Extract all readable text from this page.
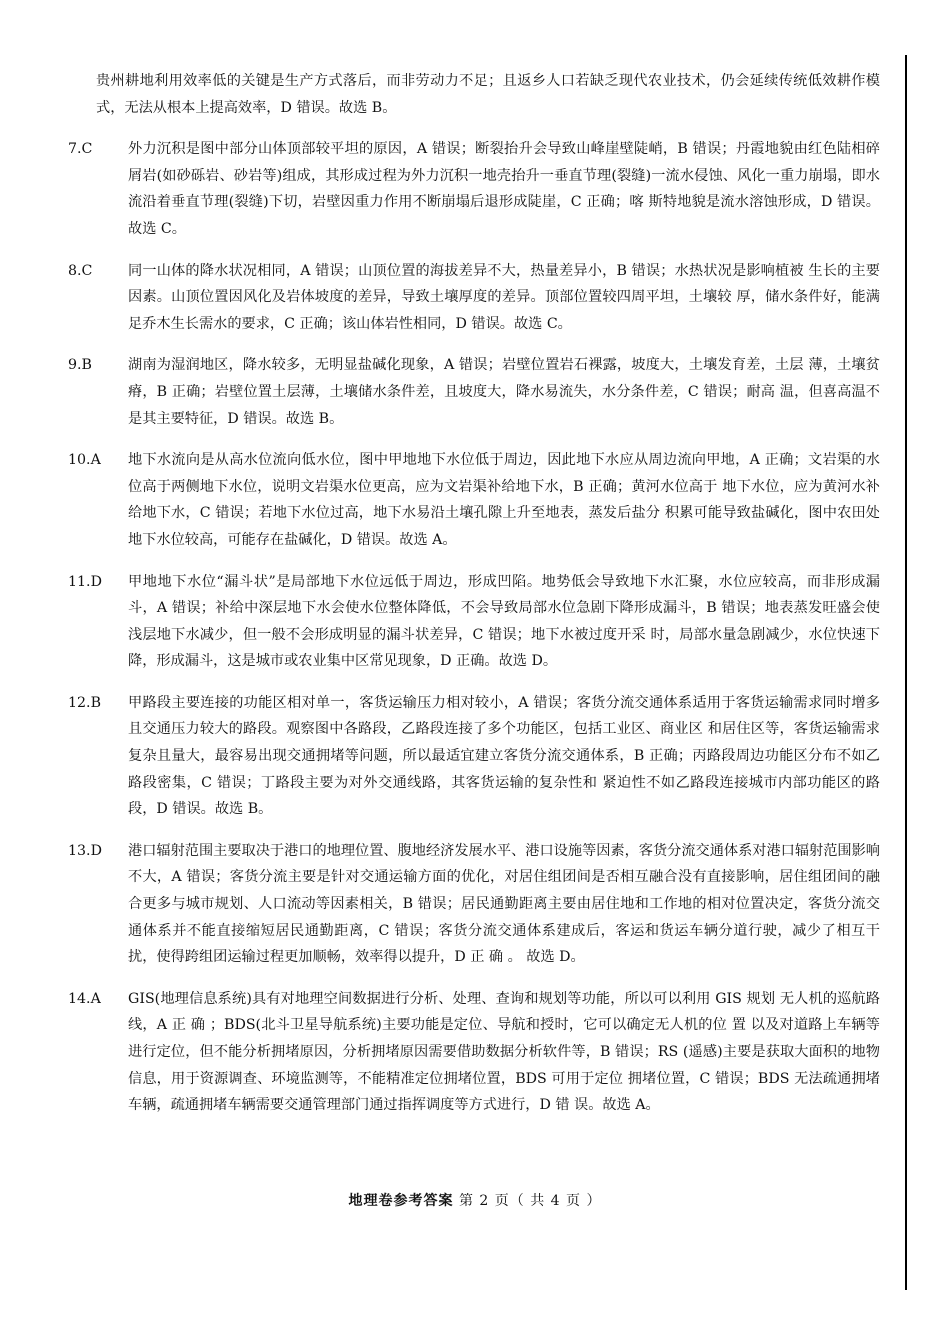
贵州耕地利用效率低的关键是生产方式落后，而非劳动力不足；且返乡人口若缺乏现代农业技术，仍会延续传统低效耕作模式，无法从根本上提高效率，D 错误。故选 B。

7.C	外力沉积是图中部分山体顶部较平坦的原因，A 错误；断裂抬升会导致山峰崖壁陡峭，B 错误；丹霞地貌由红色陆相碎屑岩(如砂砾岩、砂岩等)组成，其形成过程为外力沉积一地壳抬升一垂直节理(裂缝)一流水侵蚀、风化一重力崩塌，即水流沿着垂直节理(裂缝)下切，岩壁因重力作用不断崩塌后退形成陡崖，C 正确；喀 斯特地貌是流水溶蚀形成，D 错误。故选 C。
8.C	同一山体的降水状况相同，A 错误；山顶位置的海拔差异不大，热量差异小，B 错误；水热状况是影响植被 生长的主要因素。山顶位置因风化及岩体坡度的差异，导致土壤厚度的差异。顶部位置较四周平坦，土壤较 厚，储水条件好，能满足乔木生长需水的要求，C 正确；该山体岩性相同，D 错误。故选 C。
9.B	湖南为湿润地区，降水较多，无明显盐碱化现象，A 错误；岩壁位置岩石裸露，坡度大，土壤发育差，土层 薄，土壤贫瘠，B 正确；岩壁位置土层薄，土壤储水条件差，且坡度大，降水易流失，水分条件差，C 错误；耐高 温，但喜高温不是其主要特征，D 错误。故选 B。
10.A	地下水流向是从高水位流向低水位，图中甲地地下水位低于周边，因此地下水应从周边流向甲地，A 正确；文岩渠的水位高于两侧地下水位，说明文岩渠水位更高，应为文岩渠补给地下水，B 正确；黄河水位高于 地下水位，应为黄河水补给地下水，C 错误；若地下水位过高，地下水易沿土壤孔隙上升至地表，蒸发后盐分 积累可能导致盐碱化，图中农田处地下水位较高，可能存在盐碱化，D 错误。故选 A。
11.D	甲地地下水位“漏斗状”是局部地下水位远低于周边，形成凹陷。地势低会导致地下水汇聚，水位应较高，而非形成漏斗，A 错误；补给中深层地下水会使水位整体降低，不会导致局部水位急剧下降形成漏斗，B 错误；地表蒸发旺盛会使浅层地下水减少，但一般不会形成明显的漏斗状差异，C 错误；地下水被过度开采 时，局部水量急剧减少，水位快速下降，形成漏斗，这是城市或农业集中区常见现象，D 正确。故选 D。
12.B	甲路段主要连接的功能区相对单一，客货运输压力相对较小，A 错误；客货分流交通体系适用于客货运输需求同时增多且交通压力较大的路段。观察图中各路段，乙路段连接了多个功能区，包括工业区、商业区 和居住区等，客货运输需求复杂且量大，最容易出现交通拥堵等问题，所以最适宜建立客货分流交通体系，B 正确；丙路段周边功能区分布不如乙路段密集，C 错误；丁路段主要为对外交通线路，其客货运输的复杂性和 紧迫性不如乙路段连接城市内部功能区的路段，D 错误。故选 B。
13.D	港口辐射范围主要取决于港口的地理位置、腹地经济发展水平、港口设施等因素，客货分流交通体系对港口辐射范围影响不大，A 错误；客货分流主要是针对交通运输方面的优化，对居住组团间是否相互融合没有直接影响，居住组团间的融合更多与城市规划、人口流动等因素相关，B 错误；居民通勤距离主要由居住地和工作地的相对位置决定，客货分流交通体系并不能直接缩短居民通勤距离，C 错误；客货分流交通体系建成后，客运和货运车辆分道行驶，减少了相互干扰，使得跨组团运输过程更加顺畅，效率得以提升，D 正 确 。 故选 D。
14.A	GIS(地理信息系统)具有对地理空间数据进行分析、处理、查询和规划等功能，所以可以利用 GIS 规划 无人机的巡航路线，A 正 确 ；BDS(北斗卫星导航系统)主要功能是定位、导航和授时，它可以确定无人机的位 置 以及对道路上车辆等进行定位，但不能分析拥堵原因，分析拥堵原因需要借助数据分析软件等，B 错误；RS (遥感)主要是获取大面积的地物信息，用于资源调查、环境监测等，不能精准定位拥堵位置，BDS 可用于定位 拥堵位置，C 错误；BDS 无法疏通拥堵车辆，疏通拥堵车辆需要交通管理部门通过指挥调度等方式进行，D 错 误。故选 A。
地理卷参考答案 第 2 页（ 共 4 页 ）
